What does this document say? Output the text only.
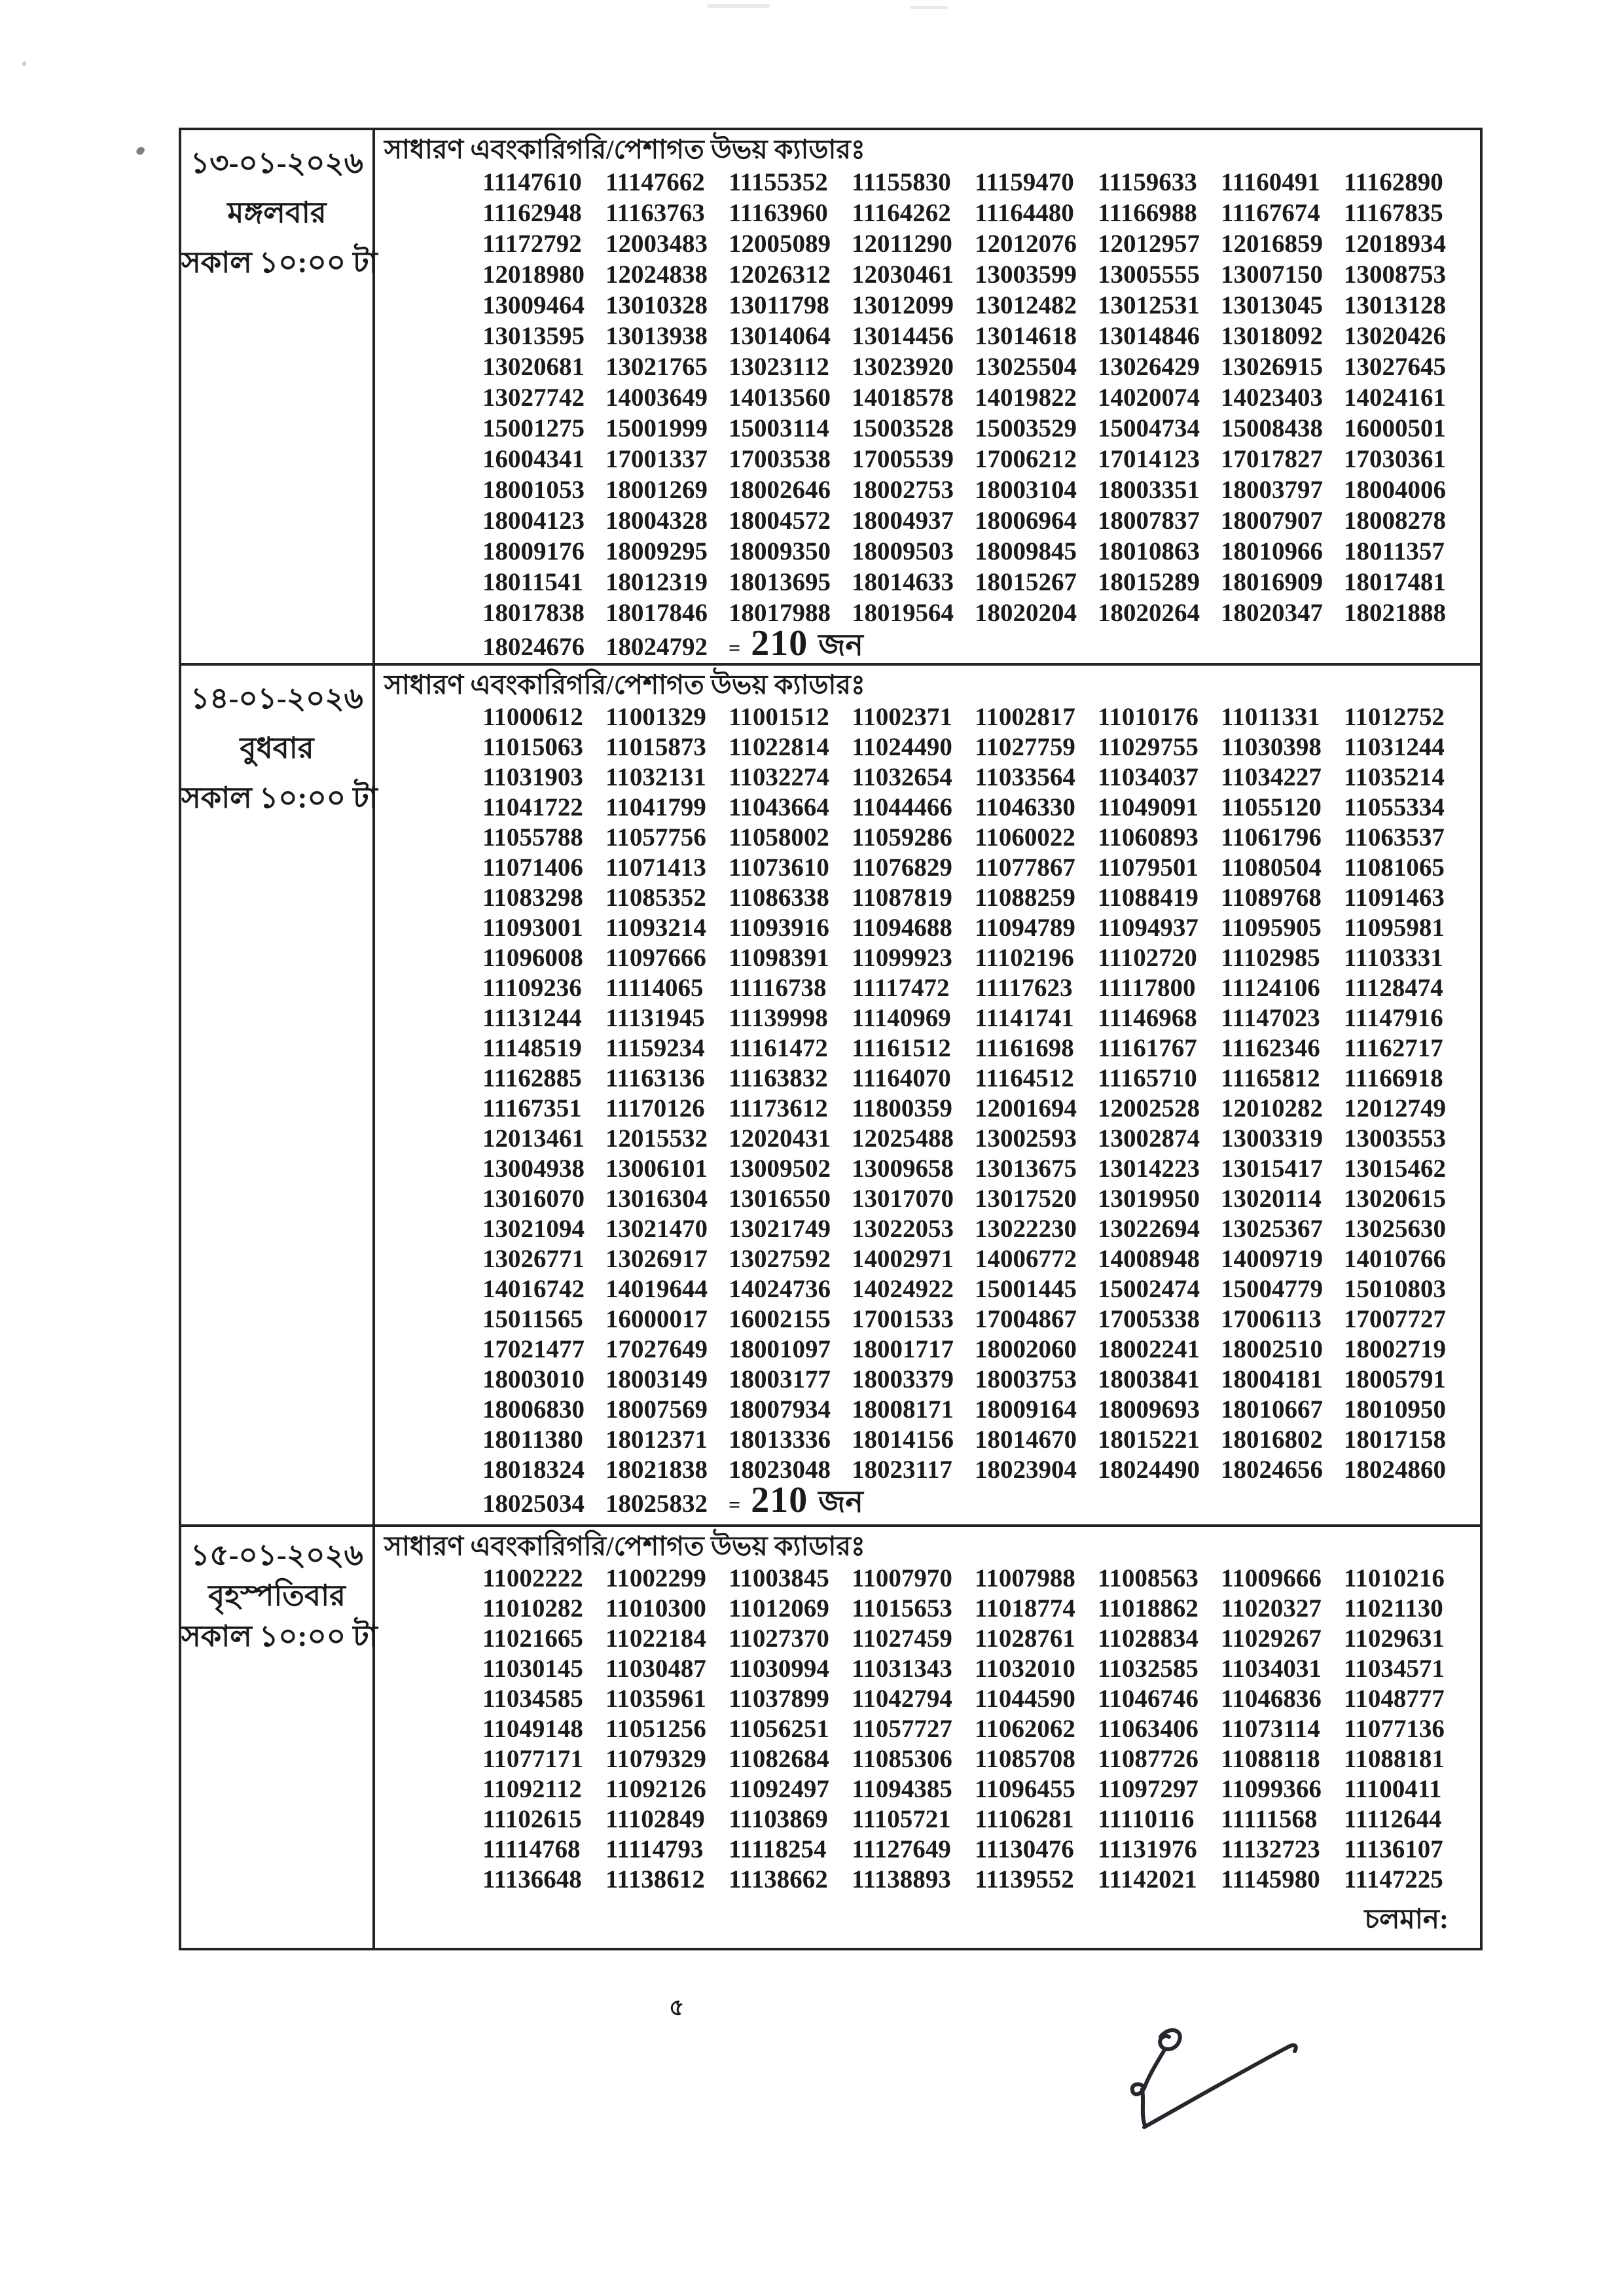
১৩-০১-২০২৬
মঙ্গলবার
সকাল ১০:০০ টা
সাধারণ এবংকারিগরি/পেশাগত উভয় ক্যাডারঃ
11147610 11147662 11155352 11155830 11159470 11159633 11160491 11162890
11162948 11163763 11163960 11164262 11164480 11166988 11167674 11167835
11172792 12003483 12005089 12011290 12012076 12012957 12016859 12018934
12018980 12024838 12026312 12030461 13003599 13005555 13007150 13008753
13009464 13010328 13011798 13012099 13012482 13012531 13013045 13013128
13013595 13013938 13014064 13014456 13014618 13014846 13018092 13020426
13020681 13021765 13023112 13023920 13025504 13026429 13026915 13027645
13027742 14003649 14013560 14018578 14019822 14020074 14023403 14024161
15001275 15001999 15003114 15003528 15003529 15004734 15008438 16000501
16004341 17001337 17003538 17005539 17006212 17014123 17017827 17030361
18001053 18001269 18002646 18002753 18003104 18003351 18003797 18004006
18004123 18004328 18004572 18004937 18006964 18007837 18007907 18008278
18009176 18009295 18009350 18009503 18009845 18010863 18010966 18011357
18011541 18012319 18013695 18014633 18015267 18015289 18016909 18017481
18017838 18017846 18017988 18019564 18020204 18020264 18020347 18021888
18024676 18024792	= 210 জন
১৪-০১-২০২৬
বুধবার
সকাল ১০:০০ টা
সাধারণ এবংকারিগরি/পেশাগত উভয় ক্যাডারঃ
11000612 11001329 11001512 11002371 11002817 11010176 11011331 11012752
11015063 11015873 11022814 11024490 11027759 11029755 11030398 11031244
11031903 11032131 11032274 11032654 11033564 11034037 11034227 11035214
11041722 11041799 11043664 11044466 11046330 11049091 11055120 11055334
11055788 11057756 11058002 11059286 11060022 11060893 11061796 11063537
11071406 11071413 11073610 11076829 11077867 11079501 11080504 11081065
11083298 11085352 11086338 11087819 11088259 11088419 11089768 11091463
11093001 11093214 11093916 11094688 11094789 11094937 11095905 11095981
11096008 11097666 11098391 11099923 11102196 11102720 11102985 11103331
11109236 11114065 11116738 11117472 11117623 11117800 11124106 11128474
11131244 11131945 11139998 11140969 11141741 11146968 11147023 11147916
11148519 11159234 11161472 11161512 11161698 11161767 11162346 11162717
11162885 11163136 11163832 11164070 11164512 11165710 11165812 11166918
11167351 11170126 11173612 11800359 12001694 12002528 12010282 12012749
12013461 12015532 12020431 12025488 13002593 13002874 13003319 13003553
13004938 13006101 13009502 13009658 13013675 13014223 13015417 13015462
13016070 13016304 13016550 13017070 13017520 13019950 13020114 13020615
13021094 13021470 13021749 13022053 13022230 13022694 13025367 13025630
13026771 13026917 13027592 14002971 14006772 14008948 14009719 14010766
14016742 14019644 14024736 14024922 15001445 15002474 15004779 15010803
15011565 16000017 16002155 17001533 17004867 17005338 17006113 17007727
17021477 17027649 18001097 18001717 18002060 18002241 18002510 18002719
18003010 18003149 18003177 18003379 18003753 18003841 18004181 18005791
18006830 18007569 18007934 18008171 18009164 18009693 18010667 18010950
18011380 18012371 18013336 18014156 18014670 18015221 18016802 18017158
18018324 18021838 18023048 18023117 18023904 18024490 18024656 18024860
18025034 18025832	= 210 জন
১৫-০১-২০২৬
বৃহস্পতিবার
সকাল ১০:০০ টা
সাধারণ এবংকারিগরি/পেশাগত উভয় ক্যাডারঃ
11002222 11002299 11003845 11007970 11007988 11008563 11009666 11010216
11010282 11010300 11012069 11015653 11018774 11018862 11020327 11021130
11021665 11022184 11027370 11027459 11028761 11028834 11029267 11029631
11030145 11030487 11030994 11031343 11032010 11032585 11034031 11034571
11034585 11035961 11037899 11042794 11044590 11046746 11046836 11048777
11049148 11051256 11056251 11057727 11062062 11063406 11073114 11077136
11077171 11079329 11082684 11085306 11085708 11087726 11088118 11088181
11092112 11092126 11092497 11094385 11096455 11097297 11099366 11100411
11102615 11102849 11103869 11105721 11106281 11110116	11111568	11112644
11114768 11114793 11118254 11127649 11130476 11131976 11132723 11136107
11136648 11138612 11138662 11138893 11139552 11142021 11145980 11147225
চলমান:
৫
